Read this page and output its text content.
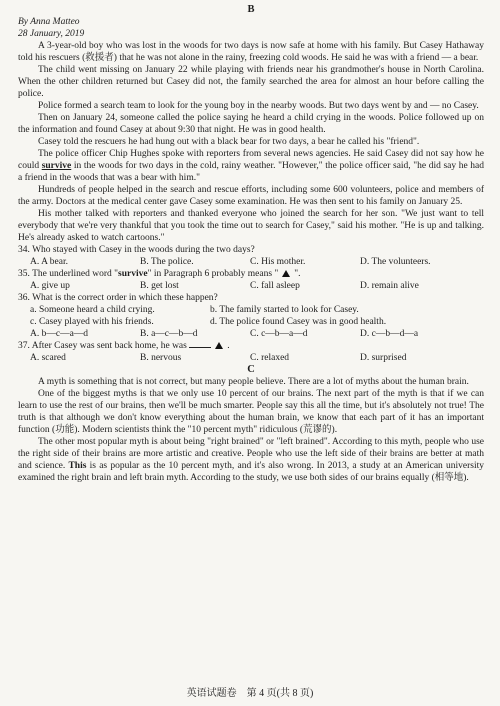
B
By Anna Matteo
28 January, 2019

A 3-year-old boy who was lost in the woods for two days is now safe at home with his family. But Casey Hathaway told his rescuers (救援者) that he was not alone in the rainy, freezing cold woods. He said he was with a friend — a bear.

The child went missing on January 22 while playing with friends near his grandmother's house in North Carolina. When the other children returned but Casey did not, the family searched the area for almost an hour before calling the police.

Police formed a search team to look for the young boy in the nearby woods. But two days went by and — no Casey.

Then on January 24, someone called the police saying he heard a child crying in the woods. Police followed up on the information and found Casey at about 9:30 that night. He was in good health.

Casey told the rescuers he had hung out with a black bear for two days, a bear he called his "friend".

The police officer Chip Hughes spoke with reporters from several news agencies. He said Casey did not say how he could survive in the woods for two days in the cold, rainy weather. "However," the police officer said, "he did say he had a friend in the woods that was a bear with him."

Hundreds of people helped in the search and rescue efforts, including some 600 volunteers, police and members of the army. Doctors at the medical center gave Casey some examination. He was then sent to his family on January 25.

His mother talked with reporters and thanked everyone who joined the search for her son. "We just want to tell everybody that we're very thankful that you took the time out to search for Casey," said his mother. "He is up and talking. He's already asked to watch cartoons."

34. Who stayed with Casey in the woods during the two days?
A. A bear.	B. The police.	C. His mother.	D. The volunteers.
35. The underlined word "survive" in Paragraph 6 probably means " ".
A. give up	B. get lost	C. fall asleep	D. remain alive
36. What is the correct order in which these happen?
a. Someone heard a child crying.	b. The family started to look for Casey.
c. Casey played with his friends.	d. The police found Casey was in good health.
A. b—c—a—d	B. a—c—b—d	C. c—b—a—d	D. c—b—d—a
37. After Casey was sent back home, he was	.
A. scared	B. nervous	C. relaxed	D. surprised
C

A myth is something that is not correct, but many people believe. There are a lot of myths about the human brain.

One of the biggest myths is that we only use 10 percent of our brains. The next part of the myth is that if we can learn to use the rest of our brains, then we'll be much smarter. People say this all the time, but it's absolutely not true! The truth is that although we don't know everything about the human brain, we know that each part of it has an important function (功能). Modern scientists think the "10 percent myth" ridiculous (荒谬的).

The other most popular myth is about being "right brained" or "left brained". According to this myth, people who use the right side of their brains are more artistic and creative. People who use the left side of their brains are better at math and science. This is as popular as the 10 percent myth, and it's also wrong. In 2013, a study at an American university examined the right brain and left brain myth. According to the study, we use both sides of our brains equally (相等地).

英语试题卷　第 4 页(共 8 页)
